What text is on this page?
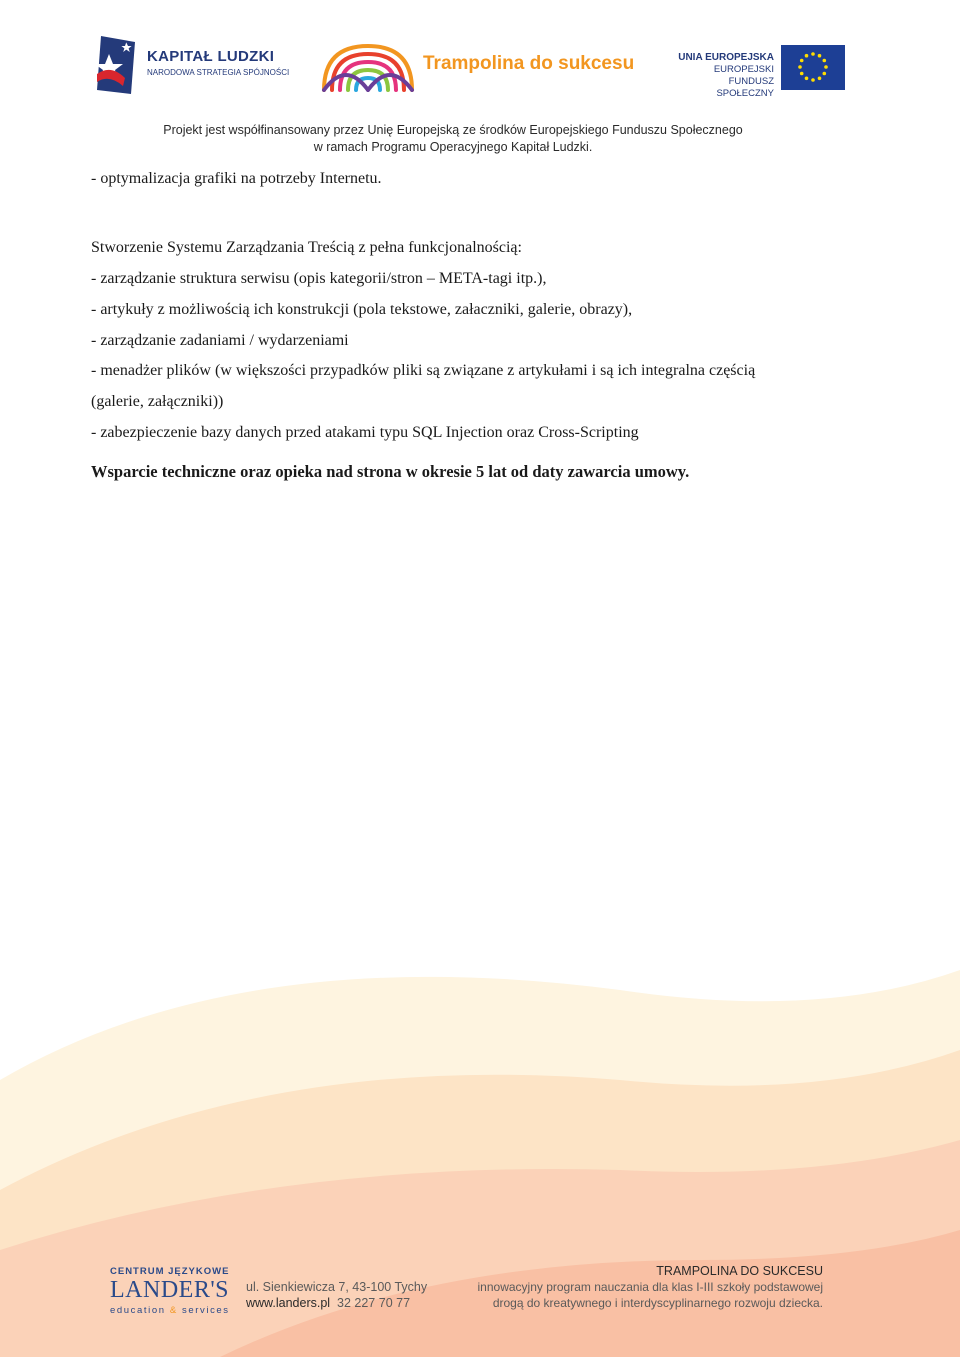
KAPITAŁ LUDZKI
NARODOWA STRATEGIA SPÓJNOŚCI	Trampolina do sukcesu	UNIA EUROPEJSKA
EUROPEJSKI
FUNDUSZ SPOŁECZNY
Projekt jest współfinansowany przez Unię Europejską ze środków Europejskiego Funduszu Społecznego
w ramach Programu Operacyjnego Kapitał Ludzki.
- optymalizacja grafiki na potrzeby Internetu.
Stworzenie Systemu Zarządzania Treścią z pełna funkcjonalnością:
- zarządzanie struktura serwisu (opis kategorii/stron – META-tagi itp.),
- artykuły z możliwością ich konstrukcji (pola tekstowe, załaczniki, galerie, obrazy),
- zarządzanie zadaniami / wydarzeniami
- menadżer plików (w większości przypadków pliki są związane z artykułami i są ich integralna częścią
(galerie, załączniki))
- zabezpieczenie bazy danych przed atakami typu SQL Injection oraz Cross-Scripting
Wsparcie techniczne oraz opieka nad strona w okresie 5 lat od daty zawarcia umowy.
CENTRUM JĘZYKOWE
LANDER'S
education & services
ul. Sienkiewicza 7, 43-100 Tychy
www.landers.pl 32 227 70 77
TRAMPOLINA DO SUKCESU
innowacyjny program nauczania dla klas I-III szkoły podstawowej
drogą do kreatywnego i interdyscyplinarnego rozwoju dziecka.
